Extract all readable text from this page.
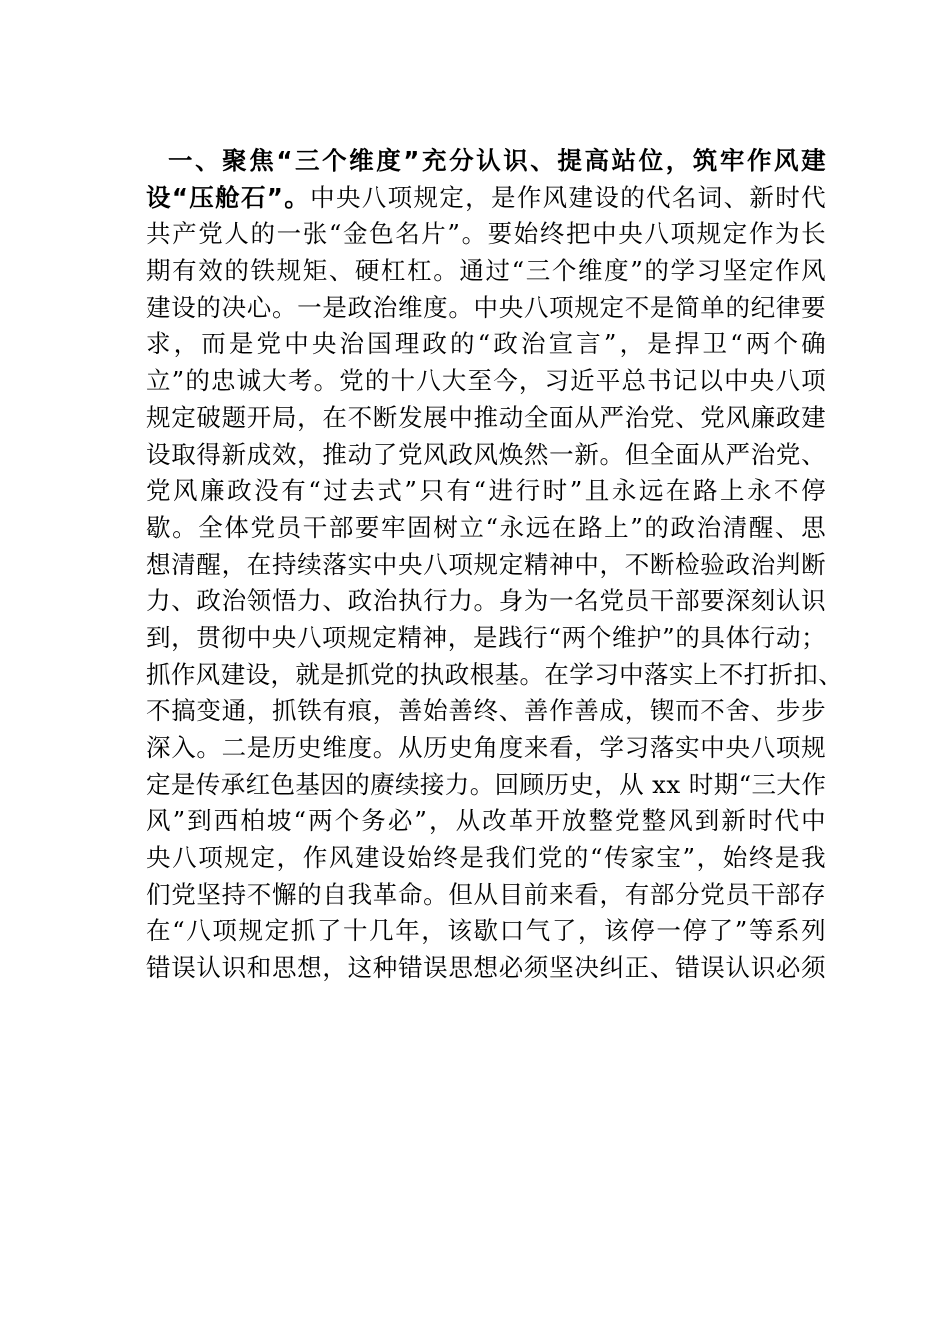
一、聚焦“三个维度”充分认识、提高站位，筑牢作风建
设“压舱石”。中央八项规定，是作风建设的代名词、新时代
共产党人的一张“金色名片”。要始终把中央八项规定作为长
期有效的铁规矩、硬杠杠。通过“三个维度”的学习坚定作风
建设的决心。一是政治维度。中央八项规定不是简单的纪律要
求，而是党中央治国理政的“政治宣言”，是捍卫“两个确
立”的忠诚大考。党的十八大至今，习近平总书记以中央八项
规定破题开局，在不断发展中推动全面从严治党、党风廉政建
设取得新成效，推动了党风政风焕然一新。但全面从严治党、
党风廉政没有“过去式”只有“进行时”且永远在路上永不停
歇。全体党员干部要牢固树立“永远在路上”的政治清醒、思
想清醒，在持续落实中央八项规定精神中，不断检验政治判断
力、政治领悟力、政治执行力。身为一名党员干部要深刻认识
到，贯彻中央八项规定精神，是践行“两个维护”的具体行动；
抓作风建设，就是抓党的执政根基。在学习中落实上不打折扣、
不搞变通，抓铁有痕，善始善终、善作善成，锲而不舍、步步
深入。二是历史维度。从历史角度来看，学习落实中央八项规
定是传承红色基因的赓续接力。回顾历史，从 xx 时期“三大作
风”到西柏坡“两个务必”，从改革开放整党整风到新时代中
央八项规定，作风建设始终是我们党的“传家宝”，始终是我
们党坚持不懈的自我革命。但从目前来看，有部分党员干部存
在“八项规定抓了十几年，该歇口气了，该停一停了”等系列
错误认识和思想，这种错误思想必须坚决纠正、错误认识必须
